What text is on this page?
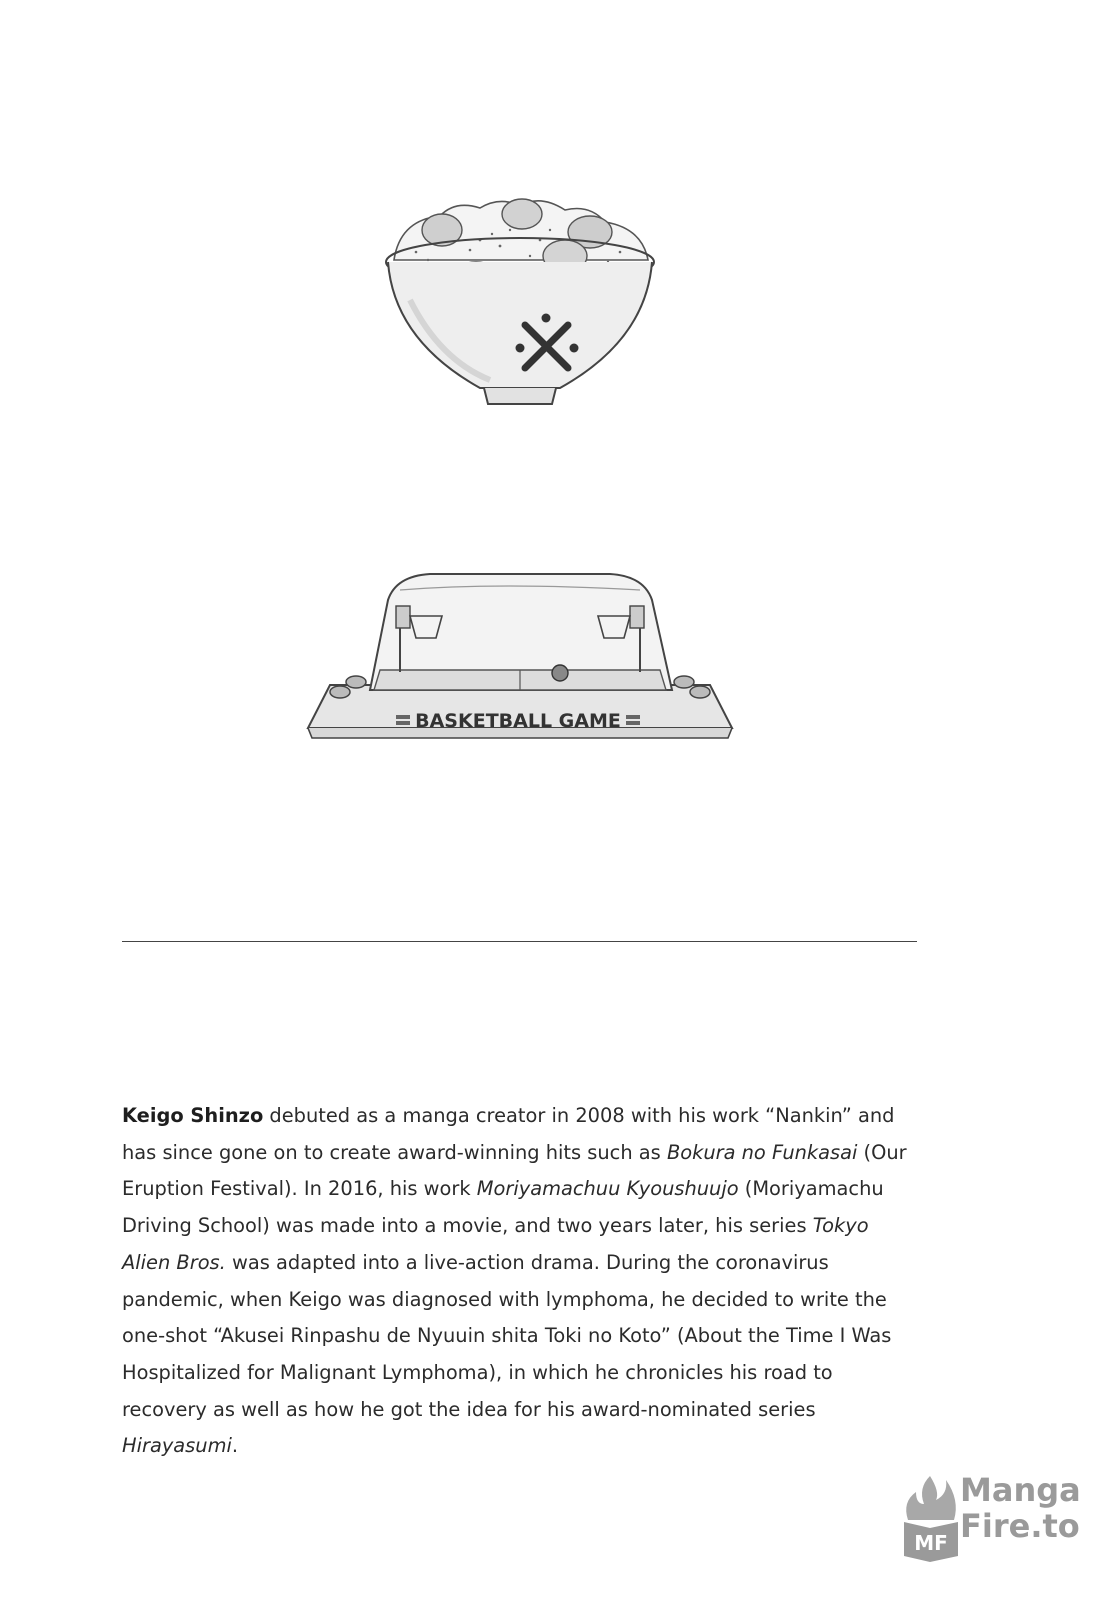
BASKETBALL GAME
Keigo Shinzo debuted as a manga creator in 2008 with his work “Nankin” and has since gone on to create award-winning hits such as Bokura no Funkasai (Our Eruption Festival). In 2016, his work Moriyamachuu Kyoushuujo (Moriyamachu Driving School) was made into a movie, and two years later, his series Tokyo Alien Bros. was adapted into a live-action drama. During the coronavirus pandemic, when Keigo was diagnosed with lymphoma, he decided to write the one-shot “Akusei Rinpashu de Nyuuin shita Toki no Koto” (About the Time I Was Hospitalized for Malignant Lymphoma), in which he chronicles his road to recovery as well as how he got the idea for his award-nominated series Hirayasumi.
MF
Manga
Fire.to
